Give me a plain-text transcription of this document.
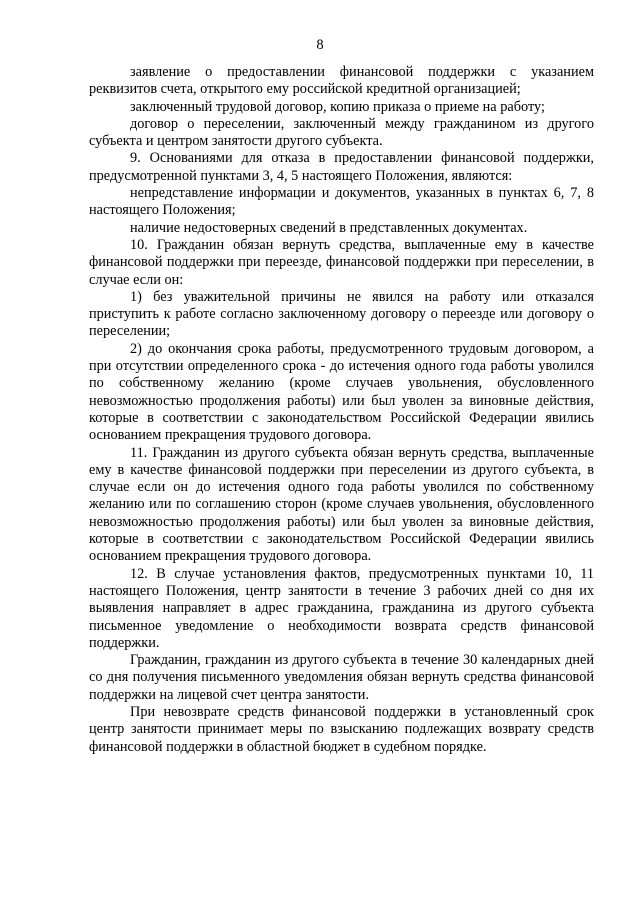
8

заявление о предоставлении финансовой поддержки с указанием реквизитов счета, открытого ему российской кредитной организацией;

заключенный трудовой договор, копию приказа о приеме на работу;

договор о переселении, заключенный между гражданином из другого субъекта и центром занятости другого субъекта.

9. Основаниями для отказа в предоставлении финансовой поддержки, предусмотренной пунктами 3, 4, 5 настоящего Положения, являются:

непредставление информации и документов, указанных в пунктах 6, 7, 8 настоящего Положения;

наличие недостоверных сведений в представленных документах.

10. Гражданин обязан вернуть средства, выплаченные ему в качестве финансовой поддержки при переезде, финансовой поддержки при переселении, в случае если он:

1) без уважительной причины не явился на работу или отказался приступить к работе согласно заключенному договору о переезде или договору о переселении;

2) до окончания срока работы, предусмотренного трудовым договором, а при отсутствии определенного срока - до истечения одного года работы уволился по собственному желанию (кроме случаев увольнения, обусловленного невозможностью продолжения работы) или был уволен за виновные действия, которые в соответствии с законодательством Российской Федерации явились основанием прекращения трудового договора.

11. Гражданин из другого субъекта обязан вернуть средства, выплаченные ему в качестве финансовой поддержки при переселении из другого субъекта, в случае если он до истечения одного года работы уволился по собственному желанию или по соглашению сторон (кроме случаев увольнения, обусловленного невозможностью продолжения работы) или был уволен за виновные действия, которые в соответствии с законодательством Российской Федерации явились основанием прекращения трудового договора.

12. В случае установления фактов, предусмотренных пунктами 10, 11 настоящего Положения, центр занятости в течение 3 рабочих дней со дня их выявления направляет в адрес гражданина, гражданина из другого субъекта письменное уведомление о необходимости возврата средств финансовой поддержки.

Гражданин, гражданин из другого субъекта в течение 30 календарных дней со дня получения письменного уведомления обязан вернуть средства финансовой поддержки на лицевой счет центра занятости.

При невозврате средств финансовой поддержки в установленный срок центр занятости принимает меры по взысканию подлежащих возврату средств финансовой поддержки в областной бюджет в судебном порядке.
